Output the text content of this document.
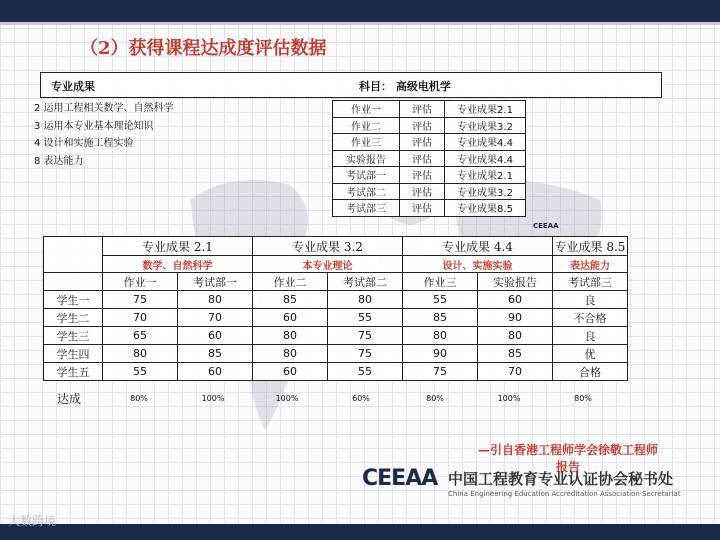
（2）获得课程达成度评估数据
专业成果	科目： 高级电机学
2 运用工程相关数学、自然科学
3 运用本专业基本理论知识
4 设计和实施工程实验
8 表达能力
作业一	评估	专业成果2.1
作业二	评估	专业成果3.2
作业三	评估	专业成果4.4
实验报告	评估	专业成果4.4
考试部一	评估	专业成果2.1
考试部二	评估	专业成果3.2
考试部三	评估	专业成果8.5
CEEAA
	专业成果 2.1		专业成果 3.2		专业成果 4.4		专业成果 8.5
	数学、自然科学		本专业理论		设计、实施实验		表达能力
	作业一	考试部一	作业二	考试部二	作业三	实验报告	考试部三
学生一	75	80	85	80	55	60	良
学生二	70	70	60	55	85	90	不合格
学生三	65	60	80	75	80	80	良
学生四	80	85	80	75	90	85	优
学生五	55	60	60	55	75	70	合格
达成	80%	100%	100%	60%	80%	100%	80%
—引自香港工程师学会徐敬工程师报告
CEEAA 中国工程教育专业认证协会秘书处
China Engineering Education Accreditation Association Secretariat
大数跨境
